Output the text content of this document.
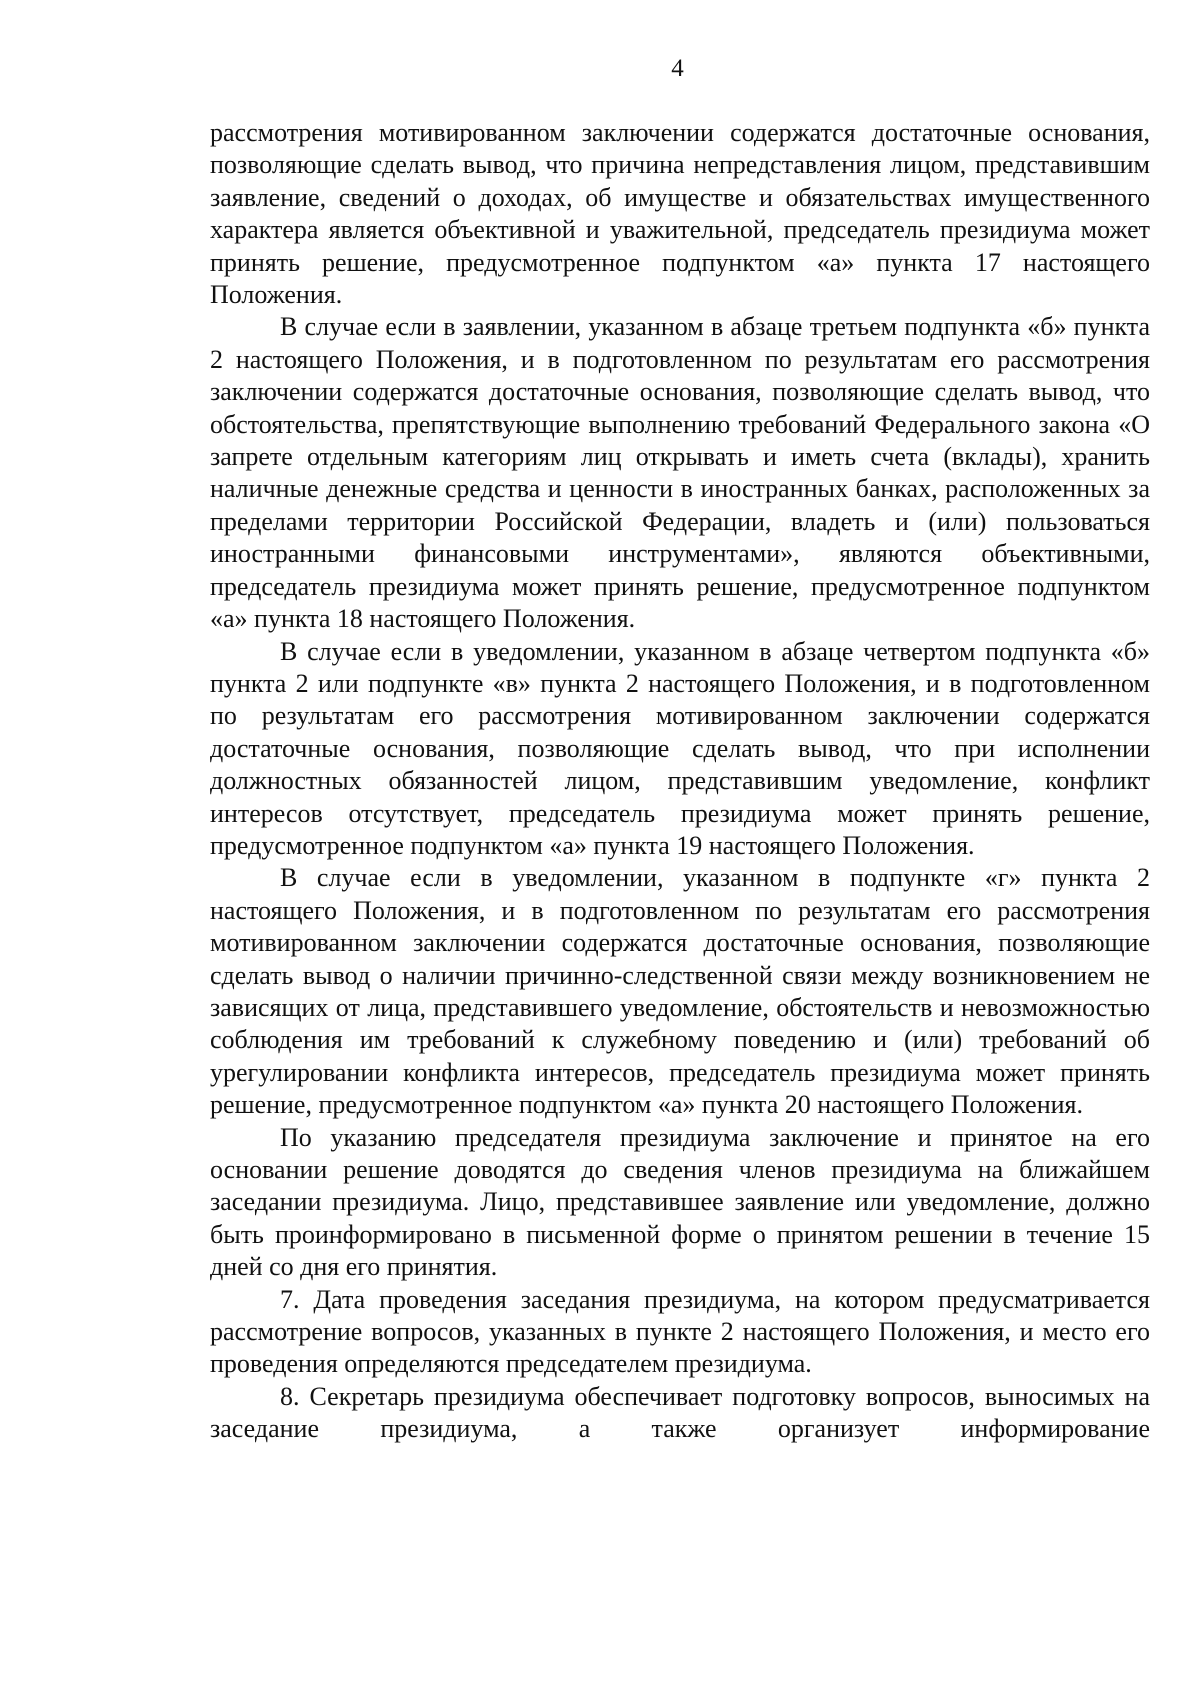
4

рассмотрения мотивированном заключении содержатся достаточные основания, позволяющие сделать вывод, что причина непредставления лицом, представившим заявление, сведений о доходах, об имуществе и обязательствах имущественного характера является объективной и уважительной, председатель президиума может принять решение, предусмотренное подпунктом «а» пункта 17 настоящего Положения.

В случае если в заявлении, указанном в абзаце третьем подпункта «б» пункта 2 настоящего Положения, и в подготовленном по результатам его рассмотрения заключении содержатся достаточные основания, позволяющие сделать вывод, что обстоятельства, препятствующие выполнению требований Федерального закона «О запрете отдельным категориям лиц открывать и иметь счета (вклады), хранить наличные денежные средства и ценности в иностранных банках, расположенных за пределами территории Российской Федерации, владеть и (или) пользоваться иностранными финансовыми инструментами», являются объективными, председатель президиума может принять решение, предусмотренное подпунктом «а» пункта 18 настоящего Положения.

В случае если в уведомлении, указанном в абзаце четвертом подпункта «б» пункта 2 или подпункте «в» пункта 2 настоящего Положения, и в подготовленном по результатам его рассмотрения мотивированном заключении содержатся достаточные основания, позволяющие сделать вывод, что при исполнении должностных обязанностей лицом, представившим уведомление, конфликт интересов отсутствует, председатель президиума может принять решение, предусмотренное подпунктом «а» пункта 19 настоящего Положения.

В случае если в уведомлении, указанном в подпункте «г» пункта 2 настоящего Положения, и в подготовленном по результатам его рассмотрения мотивированном заключении содержатся достаточные основания, позволяющие сделать вывод о наличии причинно-следственной связи между возникновением не зависящих от лица, представившего уведомление, обстоятельств и невозможностью соблюдения им требований к служебному поведению и (или) требований об урегулировании конфликта интересов, председатель президиума может принять решение, предусмотренное подпунктом «а» пункта 20 настоящего Положения.

По указанию председателя президиума заключение и принятое на его основании решение доводятся до сведения членов президиума на ближайшем заседании президиума. Лицо, представившее заявление или уведомление, должно быть проинформировано в письменной форме о принятом решении в течение 15 дней со дня его принятия.

7. Дата проведения заседания президиума, на котором предусматривается рассмотрение вопросов, указанных в пункте 2 настоящего Положения, и место его проведения определяются председателем президиума.

8. Секретарь президиума обеспечивает подготовку вопросов, выносимых на заседание президиума, а также организует информирование
